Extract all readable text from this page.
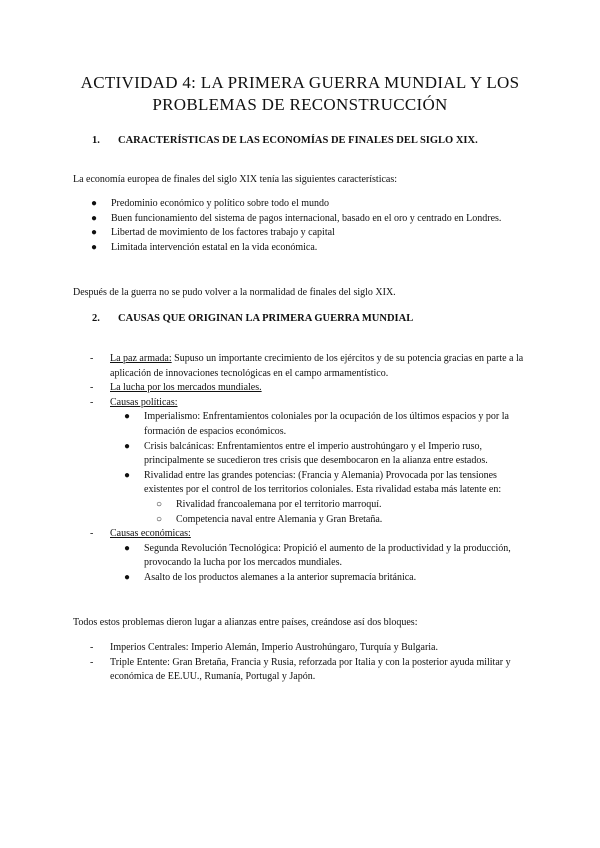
ACTIVIDAD 4: LA PRIMERA GUERRA MUNDIAL Y LOS PROBLEMAS DE RECONSTRUCCIÓN
1. CARACTERÍSTICAS DE LAS ECONOMÍAS DE FINALES DEL SIGLO XIX.

La economía europea de finales del siglo XIX tenía las siguientes características:

● Predominio económico y político sobre todo el mundo
● Buen funcionamiento del sistema de pagos internacional, basado en el oro y centrado en Londres.
● Libertad de movimiento de los factores trabajo y capital
● Limitada intervención estatal en la vida económica.

Después de la guerra no se pudo volver a la normalidad de finales del siglo XIX.

2. CAUSAS QUE ORIGINAN LA PRIMERA GUERRA MUNDIAL
- La paz armada: Supuso un importante crecimiento de los ejércitos y de su potencia gracias en parte a la aplicación de innovaciones tecnológicas en el campo armamentístico.
- La lucha por los mercados mundiales.
- Causas políticas:
● Imperialismo: Enfrentamientos coloniales por la ocupación de los últimos espacios y por la formación de espacios económicos.
● Crisis balcánicas: Enfrentamientos entre el imperio austrohúngaro y el Imperio ruso, principalmente se sucedieron tres crisis que desembocaron en la alianza entre estados.
● Rivalidad entre las grandes potencias: (Francia y Alemania) Provocada por las tensiones existentes por el control de los territorios coloniales. Esta rivalidad estaba más latente en:
○ Rivalidad francoalemana por el territorio marroquí.
○ Competencia naval entre Alemania y Gran Bretaña.
- Causas económicas:
● Segunda Revolución Tecnológica: Propició el aumento de la productividad y la producción, provocando la lucha por los mercados mundiales.
● Asalto de los productos alemanes a la anterior supremacía británica.

Todos estos problemas dieron lugar a alianzas entre países, creándose así dos bloques:

- Imperios Centrales: Imperio Alemán, Imperio Austrohúngaro, Turquía y Bulgaria.
- Triple Entente: Gran Bretaña, Francia y Rusia, reforzada por Italia y con la posterior ayuda militar y económica de EE.UU., Rumanía, Portugal y Japón.
